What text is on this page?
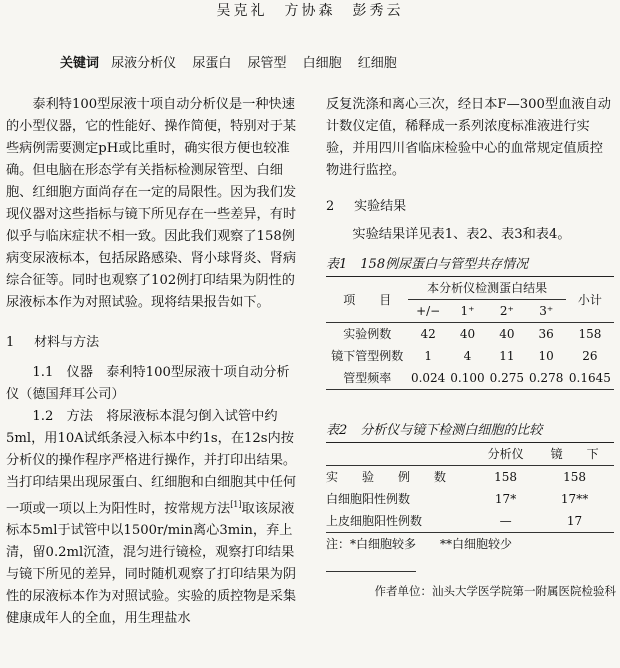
吴克礼　方协森　彭秀云
关键词 尿液分析仪 尿蛋白 尿管型 白细胞 红细胞

泰利特100型尿液十项自动分析仪是一种快速的小型仪器，它的性能好、操作简便，特别对于某些病例需要测定pH或比重时，确实很方便也较准确。但电脑在形态学有关指标检测尿管型、白细胞、红细胞方面尚存在一定的局限性。因为我们发现仪器对这些指标与镜下所见存在一些差异，有时似乎与临床症状不相一致。因此我们观察了158例病变尿液标本，包括尿路感染、肾小球肾炎、肾病综合征等。同时也观察了102例打印结果为阴性的尿液标本作为对照试验。现将结果报告如下。

1 材料与方法

1.1　仪器　 泰利特100型尿液十项自动分析仪（德国拜耳公司）

1.2　方法　 将尿液标本混匀倒入试管中约5ml，用10A试纸条浸入标本中约1s，在12s内按分析仪的操作程序严格进行操作，并打印出结果。当打印结果出现尿蛋白、红细胞和白细胞其中任何一项或一项以上为阳性时，按常规方法[1]取该尿液标本5ml于试管中以1500r/min离心3min，弃上清，留0.2ml沉渣，混匀进行镜检，观察打印结果与镜下所见的差异，同时随机观察了打印结果为阴性的尿液标本作为对照试验。实验的质控物是采集健康成年人的全血，用生理盐水

反复洗涤和离心三次，经日本F—300型血液自动计数仪定值，稀释成一系列浓度标准液进行实验，并用四川省临床检验中心的血常规定值质控物进行监控。

2 实验结果

实验结果详见表1、表2、表3和表4。

表1　158例尿蛋白与管型共存情况
项　　目	本分析仪检测蛋白结果				小计
	+/−	1⁺	2⁺	3⁺	
实验例数	42	40	40	36	158
镜下管型例数	1	4	11	10	26
管型频率	0.024	0.100	0.275	0.278	0.1645
表2　分析仪与镜下检测白细胞的比较
	分析仪	镜　　下
实　　验　　例　　数	158	158
白细胞阳性例数	17*	17**
上皮细胞阳性例数	—	17
注：*白细胞较多　　**白细胞较少
作者单位：汕头大学医学院第一附属医院检验科
